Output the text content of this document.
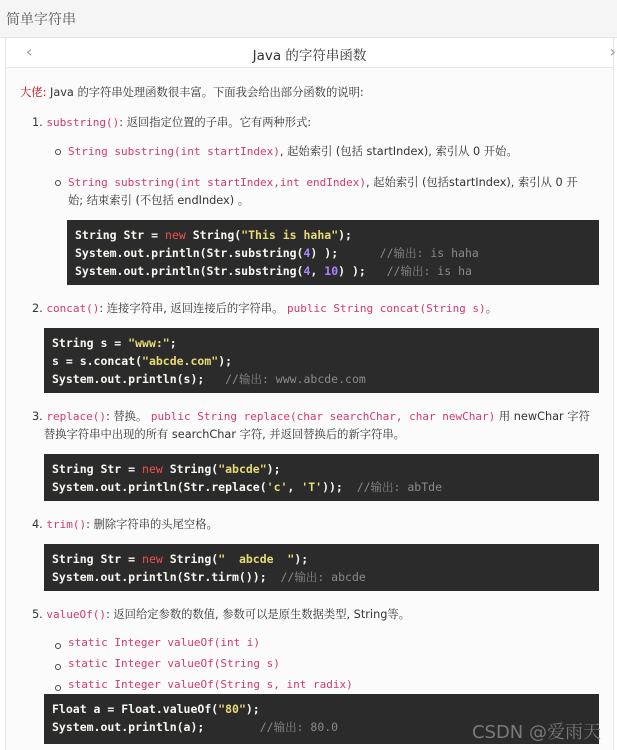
简单字符串
‹	Java 的字符串函数	›
大佬: Java 的字符串处理函数很丰富。下面我会给出部分函数的说明:
1. substring(): 返回指定位置的子串。它有两种形式:
String substring(int startIndex), 起始索引 (包括 startIndex), 索引从 0 开始。
String substring(int startIndex,int endIndex), 起始索引 (包括startIndex), 索引从 0 开
始; 结束索引 (不包括 endIndex) 。
String Str = new String("This is haha");
System.out.println(Str.substring(4) );      //输出: is haha
System.out.println(Str.substring(4, 10) );   //输出: is ha
2. concat(): 连接字符串, 返回连接后的字符串。 public String concat(String s)。
String s = "www:";
s = s.concat("abcde.com");
System.out.println(s);   //输出: www.abcde.com
3. replace(): 替换。 public String replace(char searchChar, char newChar) 用 newChar 字符
替换字符串中出现的所有 searchChar 字符, 并返回替换后的新字符串。
String Str = new String("abcde");
System.out.println(Str.replace('c', 'T'));  //输出: abTde
4. trim(): 删除字符串的头尾空格。
String Str = new String("  abcde  ");
System.out.println(Str.tirm());  //输出: abcde
5. valueOf(): 返回给定参数的数值, 参数可以是原生数据类型, String等。
static Integer valueOf(int i)
static Integer valueOf(String s)
static Integer valueOf(String s, int radix)
Float a = Float.valueOf("80");
System.out.println(a);        //输出: 80.0	CSDN @爱雨天
